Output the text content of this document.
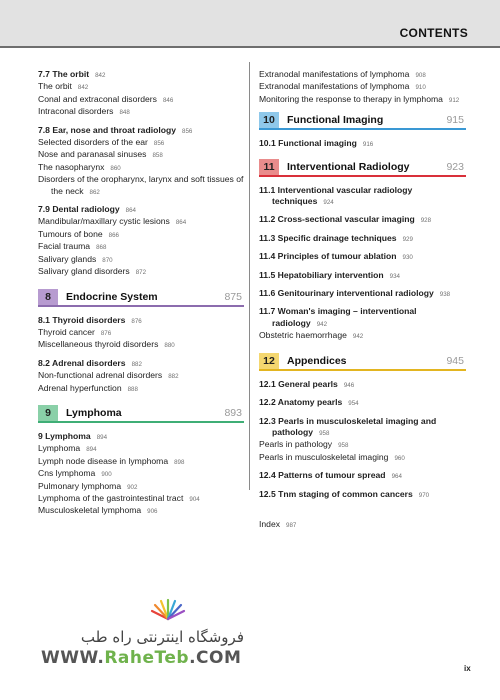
CONTENTS
7.7 The orbit 842
The orbit 842
Conal and extraconal disorders 846
Intraconal disorders 848
7.8 Ear, nose and throat radiology 856
Selected disorders of the ear 856
Nose and paranasal sinuses 858
The nasopharynx 860
Disorders of the oropharynx, larynx and soft tissues of
the neck 862
7.9 Dental radiology 864
Mandibular/maxillary cystic lesions 864
Tumours of bone 866
Facial trauma 868
Salivary glands 870
Salivary gland disorders 872
8	Endocrine System	875
8.1 Thyroid disorders 876
Thyroid cancer 876
Miscellaneous thyroid disorders 880
8.2 Adrenal disorders 882
Non-functional adrenal disorders 882
Adrenal hyperfunction 888
9	Lymphoma	893
9 Lymphoma 894
Lymphoma 894
Lymph node disease in lymphoma 898
Cns lymphoma 900
Pulmonary lymphoma 902
Lymphoma of the gastrointestinal tract 904
Musculoskeletal lymphoma 906
Extranodal manifestations of lymphoma 908
Extranodal manifestations of lymphoma 910
Monitoring the response to therapy in lymphoma 912
10	Functional Imaging	915
10.1 Functional imaging 916
11	Interventional Radiology	923
11.1 Interventional vascular radiology
techniques 924
11.2 Cross-sectional vascular imaging 928
11.3 Specific drainage techniques 929
11.4 Principles of tumour ablation 930
11.5 Hepatobiliary intervention 934
11.6 Genitourinary interventional radiology 938
11.7 Woman's imaging – interventional
radiology 942
Obstetric haemorrhage 942
12	Appendices	945
12.1 General pearls 946
12.2 Anatomy pearls 954
12.3 Pearls in musculoskeletal imaging and
pathology 958
Pearls in pathology 958
Pearls in musculoskeletal imaging 960
12.4 Patterns of tumour spread 964
12.5 Tnm staging of common cancers 970
Index 987
فروشگاه اینترنتی راه طب
WWW.RaheTeb.COM
ix
